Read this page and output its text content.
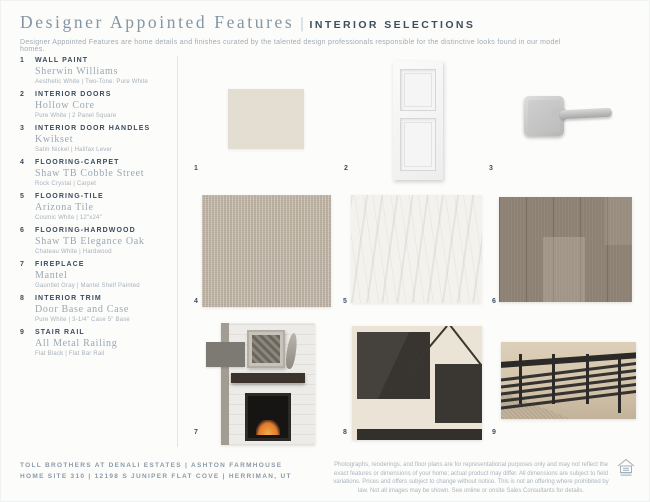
Designer Appointed Features | INTERIOR SELECTIONS

Designer Appointed Features are home details and finishes curated by the talented design professionals responsible for the distinctive looks found in our model homes.

1	WALL PAINT
Sherwin Williams
Aesthetic White | Two-Tone: Pure White
2	INTERIOR DOORS
Hollow Core
Pure White | 2 Panel Square
3	INTERIOR DOOR HANDLES
Kwikset
Satin Nickel | Halifax Lever
4	FLOORING-CARPET
Shaw TB Cobble Street
Rock Crystal | Carpet
5	FLOORING-TILE
Arizona Tile
Cosmic White | 12"x24"
6	FLOORING-HARDWOOD
Shaw TB Elegance Oak
Chateau White | Hardwood
7	FIREPLACE
Mantel
Gauntlet Gray | Mantel Shelf Painted
8	INTERIOR TRIM
Door Base and Case
Pure White | 3-1/4" Case 5" Base
9	STAIR RAIL
All Metal Railing
Flat Black | Flat Bar Rail
1	2	3
4	5	6
7	8	9
TOLL BROTHERS AT DENALI ESTATES | ASHTON FARMHOUSE
HOME SITE 310 | 12198 S JUNIPER FLAT COVE | HERRIMAN, UT
Photographs, renderings, and floor plans are for representational purposes only and may not reflect the exact features or dimensions of your home; actual product may differ. All dimensions are subject to field variations. Prices and offers subject to change without notice. This is not an offering where prohibited by law. Not all images may be shown. See online or onsite Sales Consultants for details.
